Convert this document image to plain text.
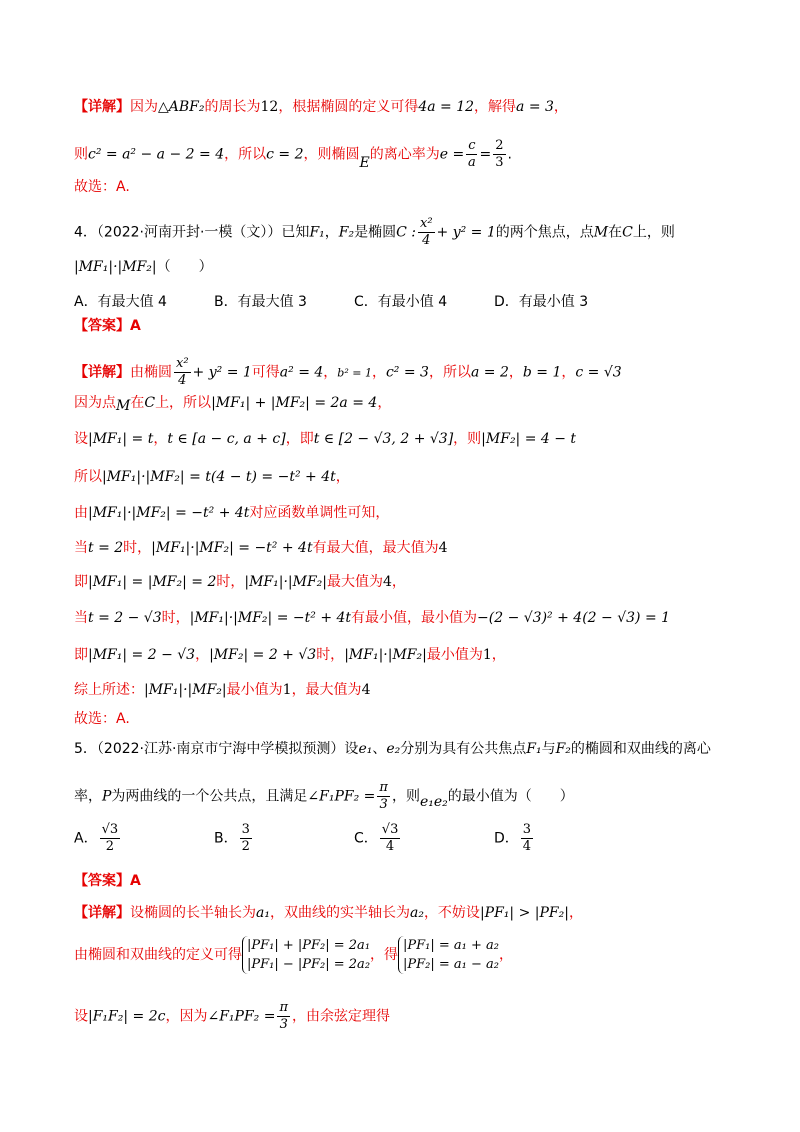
【详解】因为△ABF₂的周长为12，根据椭圆的定义可得4a = 12，解得a = 3，
则c² = a² − a − 2 = 4，所以c = 2，则椭圆E的离心率为$e = \frac{c}{a} = \frac{2}{3}$ .
故选：A.
4．（2022·河南开封·一模（文））已知F₁，F₂是椭圆C : $\frac{\text{x²}}{4} + y^2 = 1$的两个焦点，点M在C上，则
|MF₁|·|MF₂|（　　）
A．有最大值 4	B．有最大值 3	C．有最小值 4	D．有最小值 3
【答案】A
【详解】由椭圆 $\frac{\text{x²}}{4} + y^2 = 1$可得a² = 4，b² = 1，c² = 3，所以a = 2，b = 1，c = √3
因为点M在C上，所以|MF₁| + |MF₂| = 2a = 4，
设|MF₁| = t，t ∈ [a − c, a + c]，即t ∈ [2 − √3, 2 + √3]，则|MF₂| = 4 − t
所以|MF₁|·|MF₂| = t(4 − t) = −t² + 4t，
由|MF₁|·|MF₂| = −t² + 4t对应函数单调性可知，
当t = 2时，|MF₁|·|MF₂| = −t² + 4t有最大值，最大值为4
即|MF₁| = |MF₂| = 2时，|MF₁|·|MF₂|最大值为4，
当t = 2 − √3时，|MF₁|·|MF₂| = −t² + 4t有最小值，最小值为−(2 − √3)² + 4(2 − √3) = 1
即|MF₁| = 2 − √3，|MF₂| = 2 + √3时，|MF₁|·|MF₂|最小值为1，
综上所述：|MF₁|·|MF₂|最小值为1，最大值为4
故选：A.
5．（2022·江苏·南京市宁海中学模拟预测）设e₁、e₂分别为具有公共焦点F₁与F₂的椭圆和双曲线的离心
率，P为两曲线的一个公共点，且满足∠F₁PF₂ = $\frac{\pi}{3}$ ，则e₁e₂的最小值为（　　）
A． $\frac{√3}{2}$	B． $\frac{3}{2}$	C． $\frac{√3}{4}$	D． $\frac{3}{4}$
【答案】A
【详解】设椭圆的长半轴长为a₁，双曲线的实半轴长为a₂，不妨设|PF₁| > |PF₂|，
由椭圆和双曲线的定义可得
|PF₁| + |PF₂| = 2a₁
|PF₁| − |PF₂| = 2a₂
，得
|PF₁| = a₁ + a₂
|PF₂| = a₁ − a₂
，
设|F₁F₂| = 2c，因为∠F₁PF₂ = $\frac{\pi}{3}$ ，由余弦定理得
